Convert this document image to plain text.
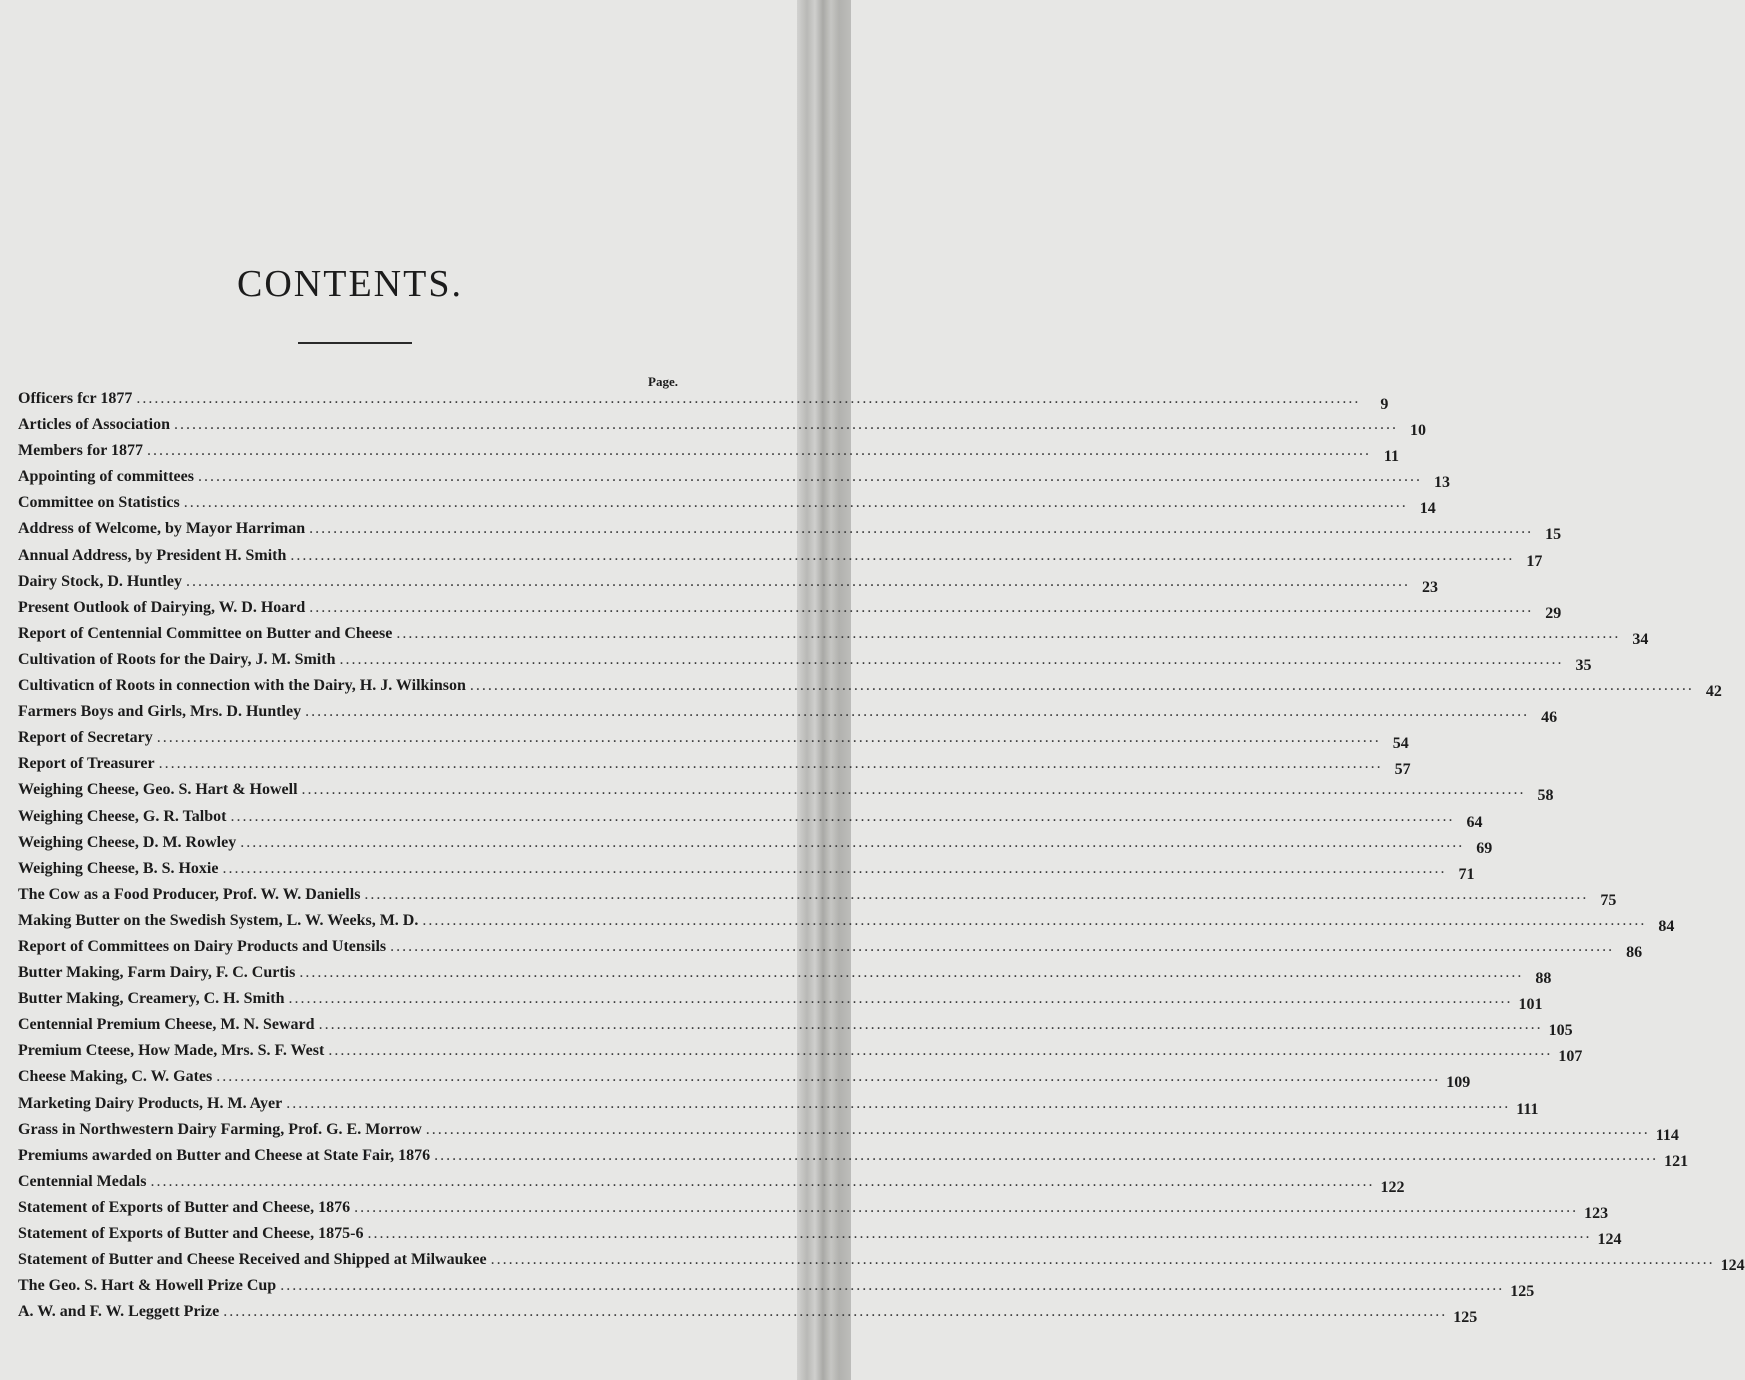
CONTENTS.
Page.
Officers fcr 1877 .....	9
Articles of Association .....	10
Members for 1877 .....	11
Appointing of committees .....	13
Committee on Statistics .....	14
Address of Welcome, by Mayor Harriman .....	15
Annual Address, by President H. Smith .....	17
Dairy Stock, D. Huntley .....	23
Present Outlook of Dairying, W. D. Hoard .....	29
Report of Centennial Committee on Butter and Cheese .....	34
Cultivation of Roots for the Dairy, J. M. Smith .....	35
Cultivaticn of Roots in connection with the Dairy, H. J. Wilkinson .....	42
Farmers Boys and Girls, Mrs. D. Huntley .....	46
Report of Secretary .....	54
Report of Treasurer .....	57
Weighing Cheese, Geo. S. Hart & Howell .....	58
Weighing Cheese, G. R. Talbot .....	64
Weighing Cheese, D. M. Rowley .....	69
Weighing Cheese, B. S. Hoxie .....	71
The Cow as a Food Producer, Prof. W. W. Daniells .....	75
Making Butter on the Swedish System, L. W. Weeks, M. D. .....	84
Report of Committees on Dairy Products and Utensils .....	86
Butter Making, Farm Dairy, F. C. Curtis .....	88
Butter Making, Creamery, C. H. Smith .....	101
Centennial Premium Cheese, M. N. Seward .....	105
Premium Cteese, How Made, Mrs. S. F. West .....	107
Cheese Making, C. W. Gates .....	109
Marketing Dairy Products, H. M. Ayer .....	111
Grass in Northwestern Dairy Farming, Prof. G. E. Morrow .....	114
Premiums awarded on Butter and Cheese at State Fair, 1876 .....	121
Centennial Medals .....	122
Statement of Exports of Butter and Cheese, 1876 .....	123
Statement of Exports of Butter and Cheese, 1875-6 .....	124
Statement of Butter and Cheese Received and Shipped at Milwaukee .....	124
The Geo. S. Hart & Howell Prize Cup .....	125
A. W. and F. W. Leggett Prize .....	125
